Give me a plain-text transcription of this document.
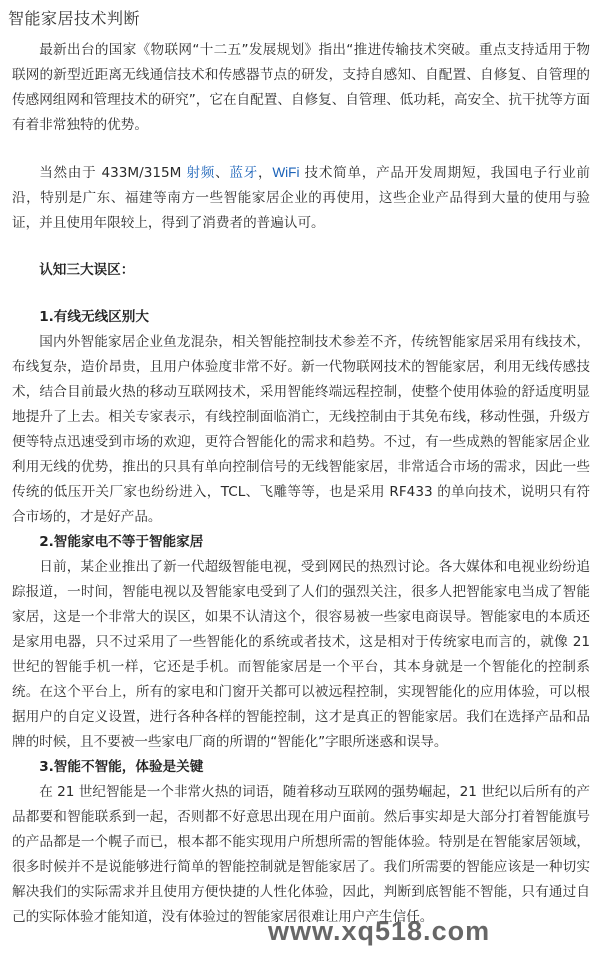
智能家居技术判断

最新出台的国家《物联网“十二五”发展规划》指出“推进传输技术突破。重点支持适用于物联网的新型近距离无线通信技术和传感器节点的研发，支持自感知、自配置、自修复、自管理的传感网组网和管理技术的研究”，它在自配置、自修复、自管理、低功耗，高安全、抗干扰等方面有着非常独特的优势。

当然由于 433M/315M 射频、蓝牙，WiFi 技术简单，产品开发周期短，我国电子行业前沿，特别是广东、福建等南方一些智能家居企业的再使用，这些企业产品得到大量的使用与验证，并且使用年限较上，得到了消费者的普遍认可。

认知三大误区：
1.有线无线区别大

国内外智能家居企业鱼龙混杂，相关智能控制技术参差不齐，传统智能家居采用有线技术，布线复杂，造价昂贵，且用户体验度非常不好。新一代物联网技术的智能家居，利用无线传感技术，结合目前最火热的移动互联网技术，采用智能终端远程控制，使整个使用体验的舒适度明显地提升了上去。相关专家表示，有线控制面临消亡，无线控制由于其免布线，移动性强，升级方便等特点迅速受到市场的欢迎，更符合智能化的需求和趋势。不过，有一些成熟的智能家居企业利用无线的优势，推出的只具有单向控制信号的无线智能家居，非常适合市场的需求，因此一些传统的低压开关厂家也纷纷进入，TCL、飞雕等等，也是采用 RF433 的单向技术，说明只有符合市场的，才是好产品。

2.智能家电不等于智能家居

日前，某企业推出了新一代超级智能电视，受到网民的热烈讨论。各大媒体和电视业纷纷追踪报道，一时间，智能电视以及智能家电受到了人们的强烈关注，很多人把智能家电当成了智能家居，这是一个非常大的误区，如果不认清这个，很容易被一些家电商误导。智能家电的本质还是家用电器，只不过采用了一些智能化的系统或者技术，这是相对于传统家电而言的，就像 21 世纪的智能手机一样，它还是手机。而智能家居是一个平台，其本身就是一个智能化的控制系统。在这个平台上，所有的家电和门窗开关都可以被远程控制，实现智能化的应用体验，可以根据用户的自定义设置，进行各种各样的智能控制，这才是真正的智能家居。我们在选择产品和品牌的时候，且不要被一些家电厂商的所谓的“智能化”字眼所迷惑和误导。

3.智能不智能，体验是关键

在 21 世纪智能是一个非常火热的词语，随着移动互联网的强势崛起，21 世纪以后所有的产品都要和智能联系到一起，否则都不好意思出现在用户面前。然后事实却是大部分打着智能旗号的产品都是一个幌子而已，根本都不能实现用户所想所需的智能体验。特别是在智能家居领域，很多时候并不是说能够进行简单的智能控制就是智能家居了。我们所需要的智能应该是一种切实解决我们的实际需求并且使用方便快捷的人性化体验，因此，判断到底智能不智能，只有通过自己的实际体验才能知道，没有体验过的智能家居很难让用户产生信任。

www.xq518.com
